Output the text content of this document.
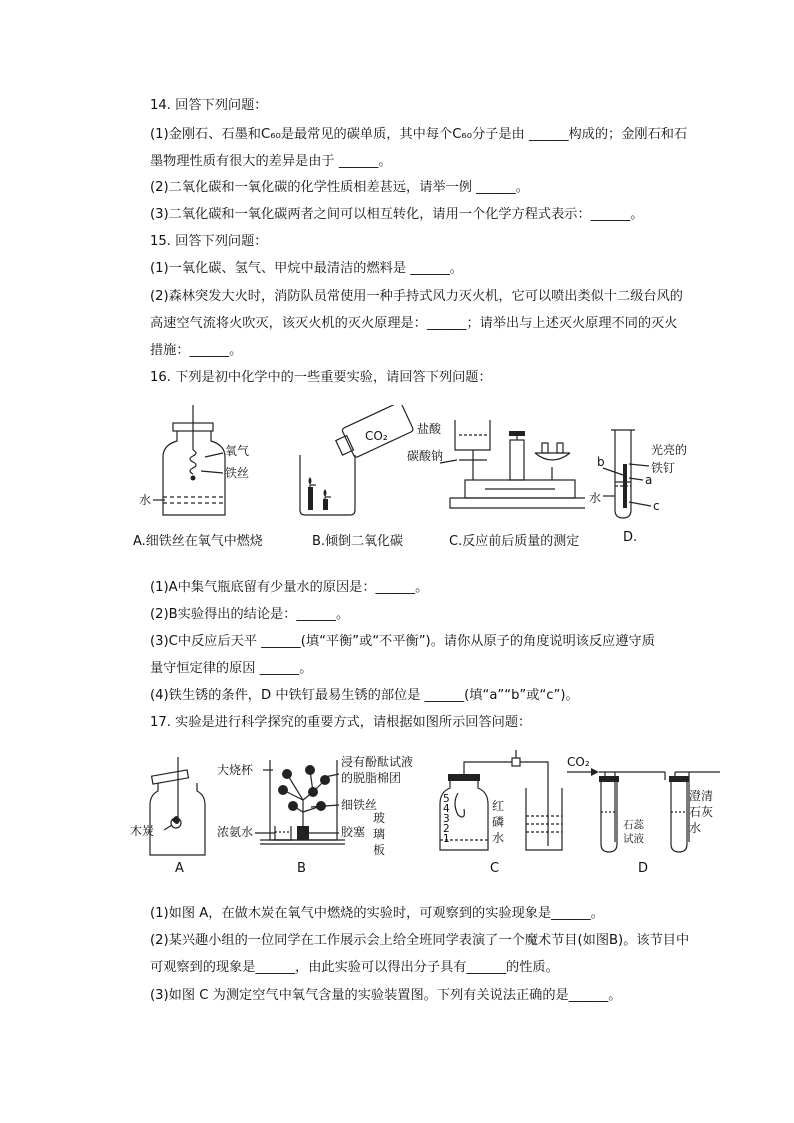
14. 回答下列问题：
(1)金刚石、石墨和C₆₀是最常见的碳单质，其中每个C₆₀分子是由 ______构成的；金刚石和石
墨物理性质有很大的差异是由于 ______。
(2)二氧化碳和一氧化碳的化学性质相差甚远，请举一例 ______。
(3)二氧化碳和一氧化碳两者之间可以相互转化，请用一个化学方程式表示：______。
15. 回答下列问题：
(1)一氧化碳、氢气、甲烷中最清洁的燃料是 ______。
(2)森林突发大火时，消防队员常使用一种手持式风力灭火机，它可以喷出类似十二级台风的
高速空气流将火吹灭，该灭火机的灭火原理是：______；请举出与上述灭火原理不同的灭火
措施：______。
16. 下列是初中化学中的一些重要实验，请回答下列问题：
氧气
铁丝
水
A.细铁丝在氧气中燃烧
CO₂
B.倾倒二氧化碳
盐酸
碳酸钠
C.反应前后质量的测定
b
a
c
水
光亮的
铁钉
D.
(1)A中集气瓶底留有少量水的原因是：______。
(2)B实验得出的结论是：______。
(3)C中反应后天平 ______(填“平衡”或“不平衡”)。请你从原子的角度说明该反应遵守质
量守恒定律的原因 ______。
(4)铁生锈的条件，D 中铁钉最易生锈的部位是 ______(填“a”“b”或“c”)。
17. 实验是进行科学探究的重要方式，请根据如图所示回答问题：
木炭
A
大烧杯
浸有酚酞试液
的脱脂棉团
细铁丝
浓氨水	胶塞
玻
璃
板
B
5
4
3
2
1
红
磷
水
C
CO₂
石蕊
试液
澄清
石灰
水
D
(1)如图 A，在做木炭在氧气中燃烧的实验时，可观察到的实验现象是______。
(2)某兴趣小组的一位同学在工作展示会上给全班同学表演了一个魔术节目(如图B)。该节目中
可观察到的现象是______，由此实验可以得出分子具有______的性质。
(3)如图 C 为测定空气中氧气含量的实验装置图。下列有关说法正确的是______。
